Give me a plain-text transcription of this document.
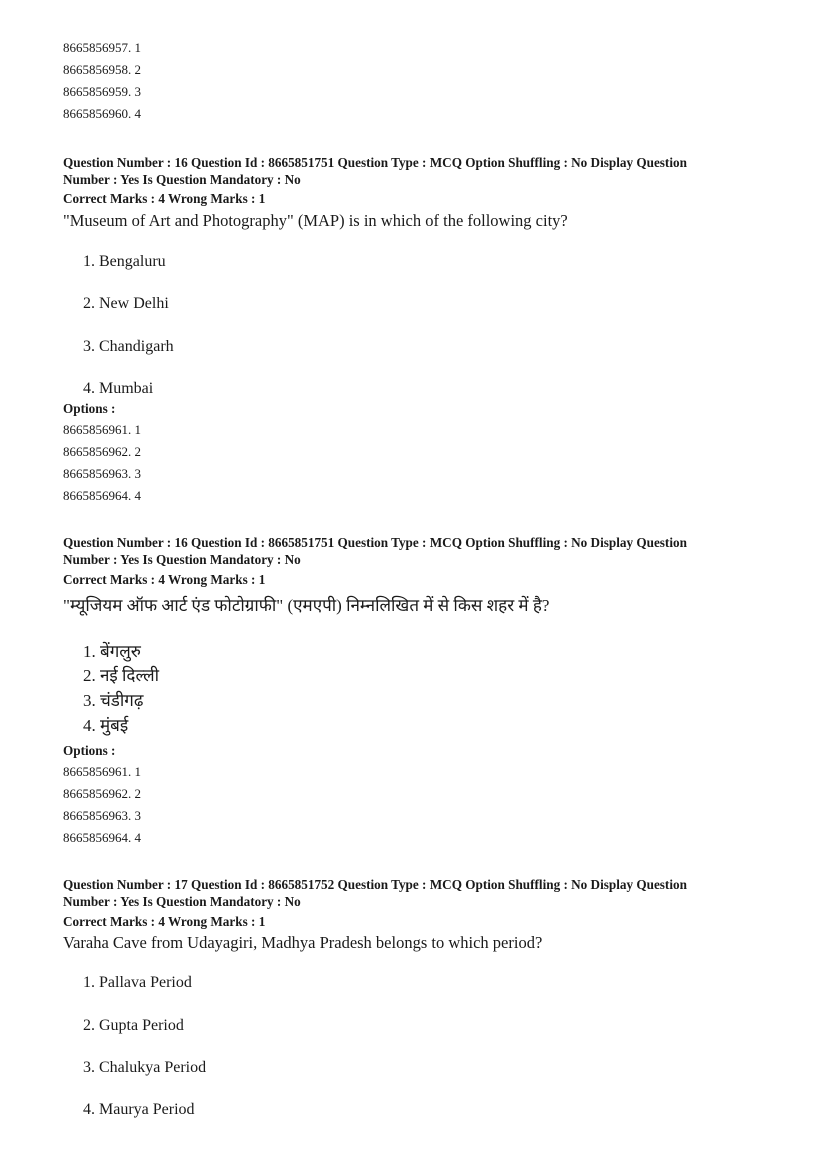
8665856957. 1
8665856958. 2
8665856959. 3
8665856960. 4
Question Number : 16 Question Id : 8665851751 Question Type : MCQ Option Shuffling : No Display Question
Number : Yes Is Question Mandatory : No
Correct Marks : 4 Wrong Marks : 1
"Museum of Art and Photography" (MAP) is in which of the following city?
1. Bengaluru
2. New Delhi
3. Chandigarh
4. Mumbai
Options :
8665856961. 1
8665856962. 2
8665856963. 3
8665856964. 4
Question Number : 16 Question Id : 8665851751 Question Type : MCQ Option Shuffling : No Display Question
Number : Yes Is Question Mandatory : No
Correct Marks : 4 Wrong Marks : 1
"म्यूजियम ऑफ आर्ट एंड फोटोग्राफी" (एमएपी) निम्नलिखित में से किस शहर में है?
1. बेंगलुरु
2. नई दिल्ली
3. चंडीगढ़
4. मुंबई
Options :
8665856961. 1
8665856962. 2
8665856963. 3
8665856964. 4
Question Number : 17 Question Id : 8665851752 Question Type : MCQ Option Shuffling : No Display Question
Number : Yes Is Question Mandatory : No
Correct Marks : 4 Wrong Marks : 1
Varaha Cave from Udayagiri, Madhya Pradesh belongs to which period?
1. Pallava Period
2. Gupta Period
3. Chalukya Period
4. Maurya Period
